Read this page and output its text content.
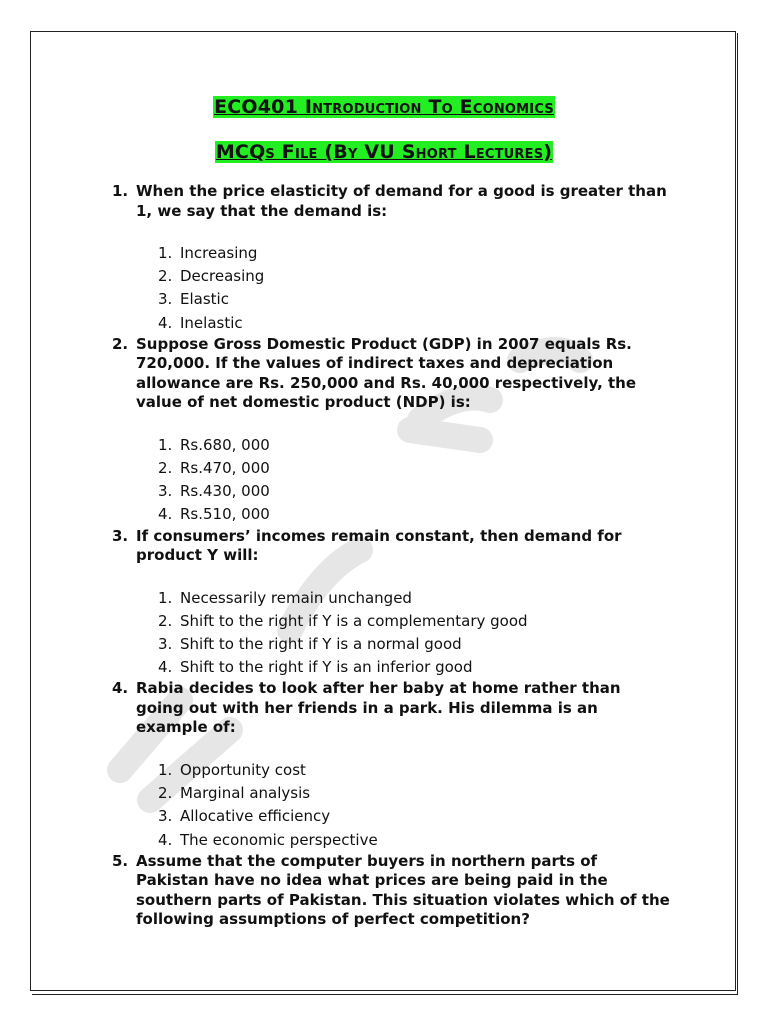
ECO401 Introduction To Economics
MCQs File (By VU Short Lectures)
1. When the price elasticity of demand for a good is greater than 1, we say that the demand is:

1. Increasing
2. Decreasing
3. Elastic
4. Inelastic
2. Suppose Gross Domestic Product (GDP) in 2007 equals Rs. 720,000. If the values of indirect taxes and depreciation allowance are Rs. 250,000 and Rs. 40,000 respectively, the value of net domestic product (NDP) is:

1. Rs.680, 000
2. Rs.470, 000
3. Rs.430, 000
4. Rs.510, 000
3. If consumers’ incomes remain constant, then demand for product Y will:

1. Necessarily remain unchanged
2. Shift to the right if Y is a complementary good
3. Shift to the right if Y is a normal good
4. Shift to the right if Y is an inferior good
4. Rabia decides to look after her baby at home rather than going out with her friends in a park. His dilemma is an example of:

1. Opportunity cost
2. Marginal analysis
3. Allocative efficiency
4. The economic perspective
5. Assume that the computer buyers in northern parts of Pakistan have no idea what prices are being paid in the southern parts of Pakistan. This situation violates which of the following assumptions of perfect competition?
